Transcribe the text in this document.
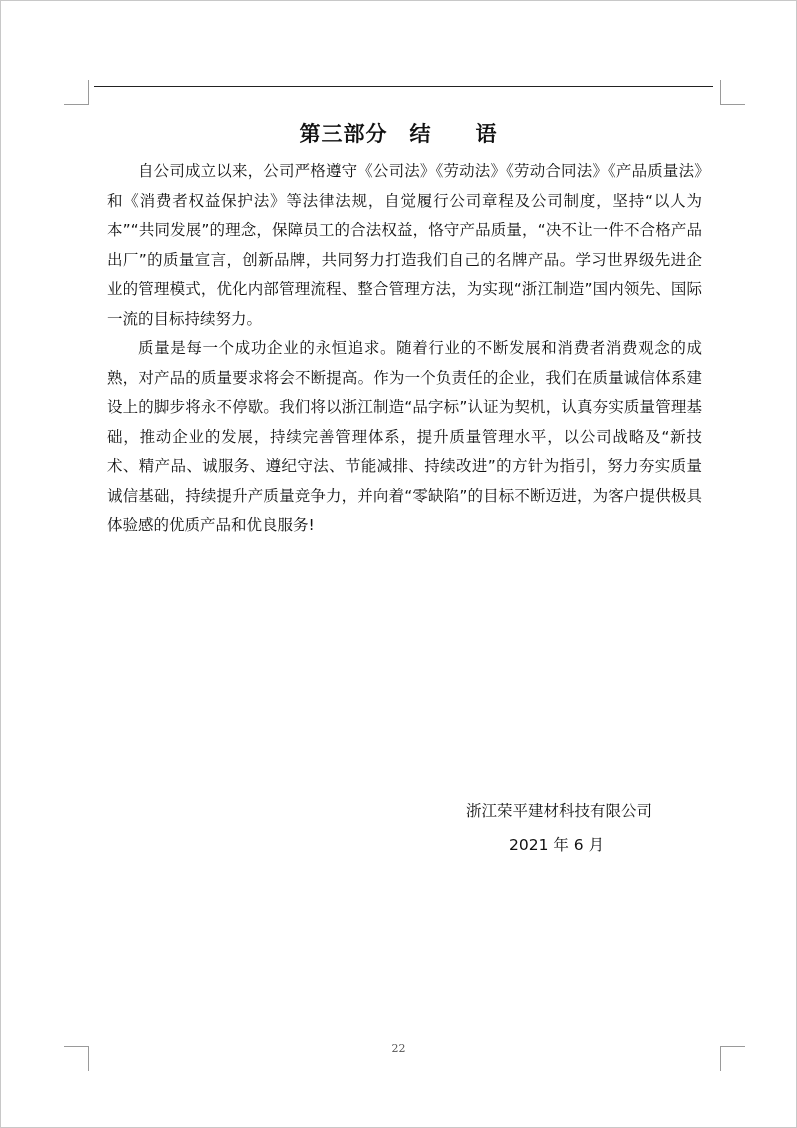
第三部分 结 语

自公司成立以来，公司严格遵守《公司法》《劳动法》《劳动合同法》《产品质量法》和《消费者权益保护法》等法律法规，自觉履行公司章程及公司制度，坚持“以人为本”“共同发展”的理念，保障员工的合法权益，恪守产品质量，“决不让一件不合格产品出厂”的质量宣言，创新品牌，共同努力打造我们自己的名牌产品。学习世界级先进企业的管理模式，优化内部管理流程、整合管理方法，为实现“浙江制造”国内领先、国际一流的目标持续努力。

质量是每一个成功企业的永恒追求。随着行业的不断发展和消费者消费观念的成熟，对产品的质量要求将会不断提高。作为一个负责任的企业，我们在质量诚信体系建设上的脚步将永不停歇。我们将以浙江制造“品字标”认证为契机，认真夯实质量管理基础，推动企业的发展，持续完善管理体系，提升质量管理水平，以公司战略及“新技术、精产品、诚服务、遵纪守法、节能减排、持续改进”的方针为指引，努力夯实质量诚信基础，持续提升产质量竞争力，并向着“零缺陷”的目标不断迈进，为客户提供极具体验感的优质产品和优良服务!

浙江荣平建材科技有限公司
2021 年 6 月
22
